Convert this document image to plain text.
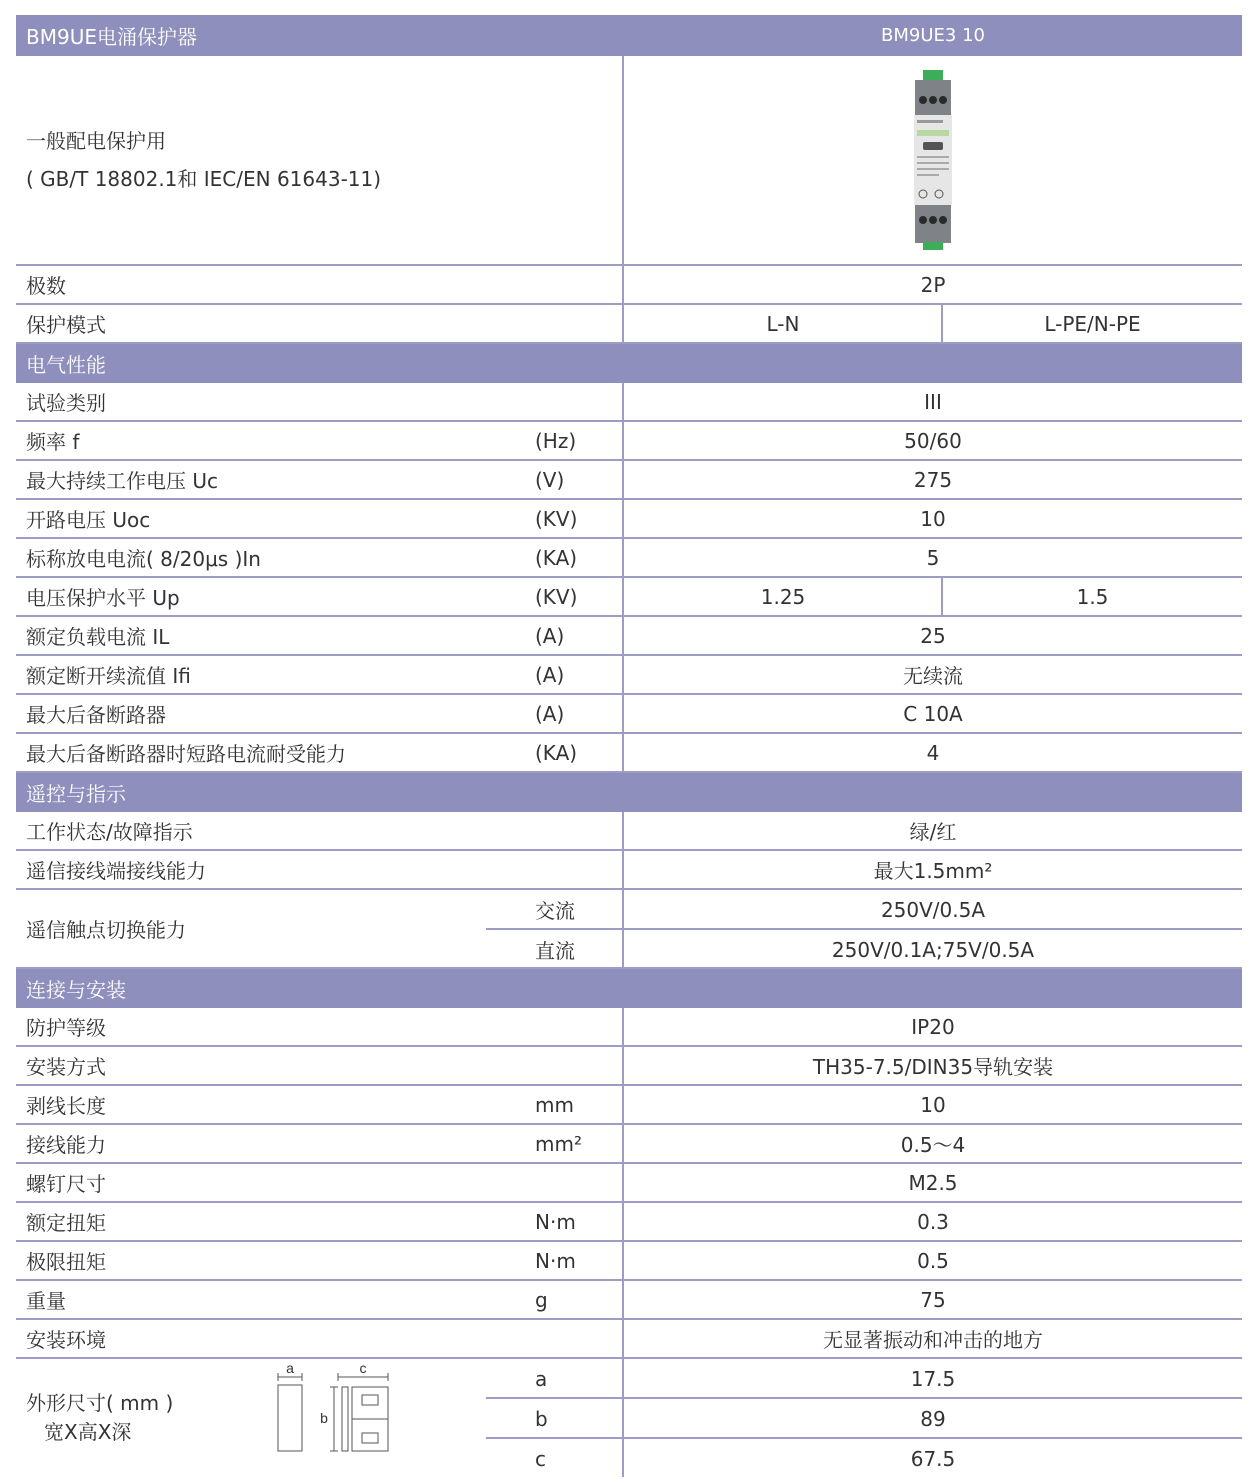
BM9UE电涌保护器	BM9UE3 10
一般配电保护用
( GB/T 18802.1和 IEC/EN 61643-11)
极数	2P
保护模式	L-N	L-PE/N-PE
电气性能
试验类别	III
频率 f	(Hz)	50/60
最大持续工作电压 Uc	(V)	275
开路电压 Uoc	(KV)	10
标称放电电流( 8/20μs )In	(KA)	5
电压保护水平 Up	(KV)	1.25	1.5
额定负载电流 IL	(A)	25
额定断开续流值 Ifi	(A)	无续流
最大后备断路器	(A)	C 10A
最大后备断路器时短路电流耐受能力	(KA)	4
遥控与指示
工作状态/故障指示	绿/红
遥信接线端接线能力	最大1.5mm²
遥信触点切换能力
交流	250V/0.5A
直流	250V/0.1A;75V/0.5A
连接与安装
防护等级	IP20
安装方式	TH35-7.5/DIN35导轨安装
剥线长度	mm	10
接线能力	mm²	0.5～4
螺钉尺寸	M2.5
额定扭矩	N·m	0.3
极限扭矩	N·m	0.5
重量	g	75
安装环境	无显著振动和冲击的地方
外形尺寸( mm )
宽X高X深
a	c
b
a	17.5
b	89
c	67.5
